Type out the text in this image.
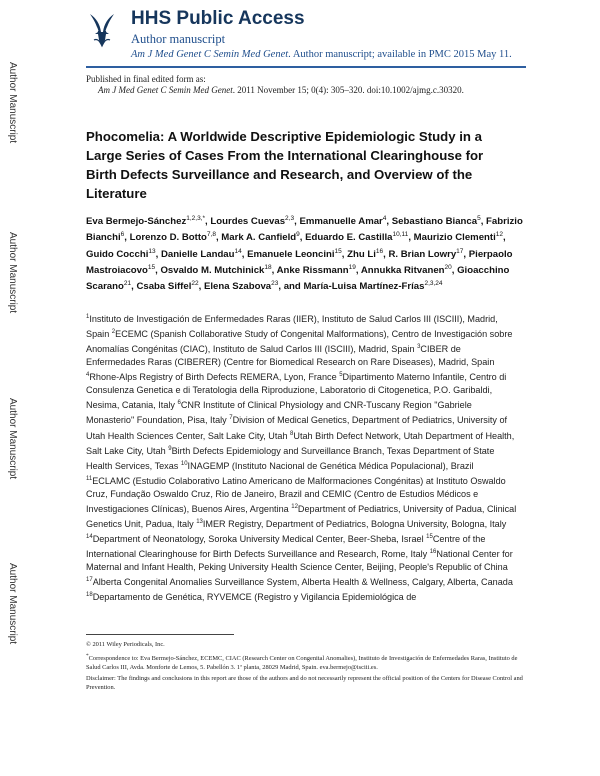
Author Manuscript
Author Manuscript
Author Manuscript
Author Manuscript
HHS Public Access
Author manuscript
Am J Med Genet C Semin Med Genet. Author manuscript; available in PMC 2015 May 11.
Published in final edited form as:
Am J Med Genet C Semin Med Genet. 2011 November 15; 0(4): 305–320. doi:10.1002/ajmg.c.30320.
Phocomelia: A Worldwide Descriptive Epidemiologic Study in a Large Series of Cases From the International Clearinghouse for Birth Defects Surveillance and Research, and Overview of the Literature
Eva Bermejo-Sánchez$^{1,2,3,*}$, Lourdes Cuevas$^{2,3}$, Emmanuelle Amar$^4$, Sebastiano Bianca$^5$, Fabrizio Bianchi$^6$, Lorenzo D. Botto$^{7,8}$, Mark A. Canfield$^9$, Eduardo E. Castilla$^{10,11}$, Maurizio Clementi$^{12}$, Guido Cocchi$^{13}$, Danielle Landau$^{14}$, Emanuele Leoncini$^{15}$, Zhu Li$^{16}$, R. Brian Lowry$^{17}$, Pierpaolo Mastroiacovo$^{15}$, Osvaldo M. Mutchinick$^{18}$, Anke Rissmann$^{19}$, Annukka Ritvanen$^{20}$, Gioacchino Scarano$^{21}$, Csaba Siffel$^{22}$, Elena Szabova$^{23}$, and María-Luisa Martínez-Frías$^{2,3,24}$
$^1$Instituto de Investigación de Enfermedades Raras (IIER), Instituto de Salud Carlos III (ISCIII), Madrid, Spain $^2$ECEMC (Spanish Collaborative Study of Congenital Malformations), Centro de Investigación sobre Anomalías Congénitas (CIAC), Instituto de Salud Carlos III (ISCIII), Madrid, Spain $^3$CIBER de Enfermedades Raras (CIBERER) (Centre for Biomedical Research on Rare Diseases), Madrid, Spain $^4$Rhone-Alps Registry of Birth Defects REMERA, Lyon, France $^5$Dipartimento Materno Infantile, Centro di Consulenza Genetica e di Teratologia della Riproduzione, Laboratorio di Citogenetica, P.O. Garibaldi, Nesima, Catania, Italy $^6$CNR Institute of Clinical Physiology and CNR-Tuscany Region "Gabriele Monasterio" Foundation, Pisa, Italy $^7$Division of Medical Genetics, Department of Pediatrics, University of Utah Health Sciences Center, Salt Lake City, Utah $^8$Utah Birth Defect Network, Utah Department of Health, Salt Lake City, Utah $^9$Birth Defects Epidemiology and Surveillance Branch, Texas Department of State Health Services, Texas $^{10}$INAGEMP (Instituto Nacional de Genética Médica Populacional), Brazil $^{11}$ECLAMC (Estudio Colaborativo Latino Americano de Malformaciones Congénitas) at Instituto Oswaldo Cruz, Fundação Oswaldo Cruz, Rio de Janeiro, Brazil and CEMIC (Centro de Estudios Médicos e Investigaciones Clínicas), Buenos Aires, Argentina $^{12}$Department of Pediatrics, University of Padua, Clinical Genetics Unit, Padua, Italy $^{13}$IMER Registry, Department of Pediatrics, Bologna University, Bologna, Italy $^{14}$Department of Neonatology, Soroka University Medical Center, Beer-Sheba, Israel $^{15}$Centre of the International Clearinghouse for Birth Defects Surveillance and Research, Rome, Italy $^{16}$National Center for Maternal and Infant Health, Peking University Health Science Center, Beijing, People's Republic of China $^{17}$Alberta Congenital Anomalies Surveillance System, Alberta Health & Wellness, Calgary, Alberta, Canada $^{18}$Departamento de Genética, RYVEMCE (Registro y Vigilancia Epidemiológica de

© 2011 Wiley Periodicals, Inc.

*Correspondence to: Eva Bermejo-Sánchez, ECEMC, CIAC (Research Center on Congenital Anomalies), Instituto de Investigación de Enfermedades Raras, Instituto de Salud Carlos III, Avda. Monforte de Lemos, 5. Pabellón 3. 1ª planta, 28029 Madrid, Spain. eva.bermejo@isciii.es.

Disclaimer: The findings and conclusions in this report are those of the authors and do not necessarily represent the official position of the Centers for Disease Control and Prevention.
